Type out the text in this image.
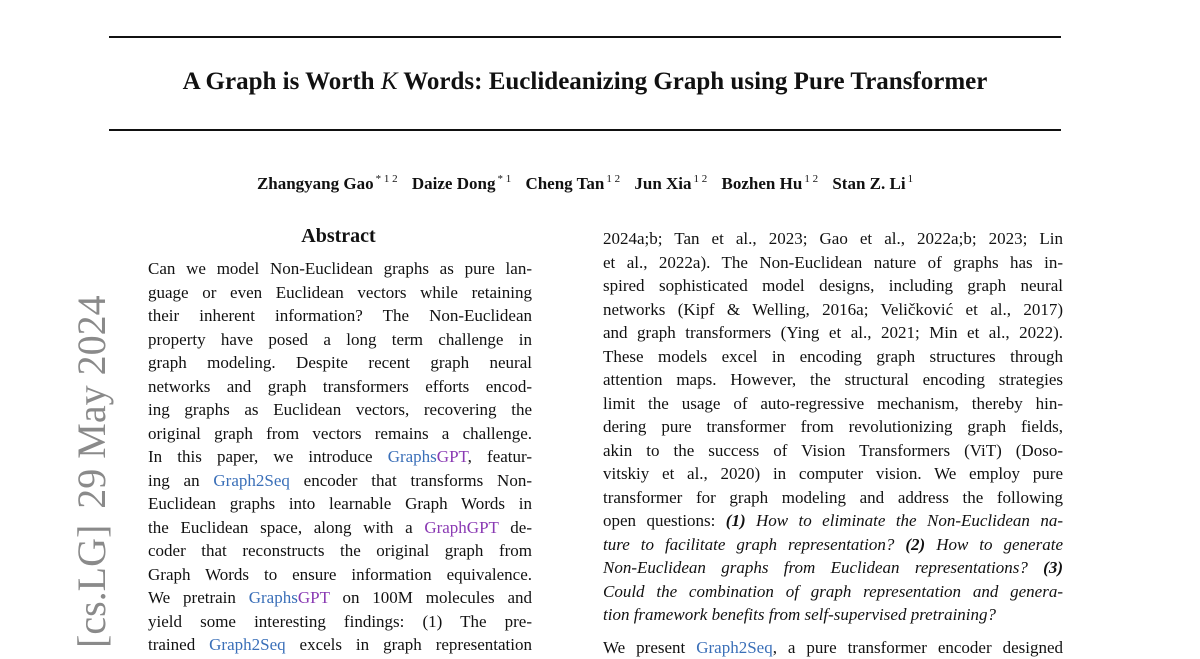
A Graph is Worth K Words: Euclideanizing Graph using Pure Transformer
Zhangyang Gao $^{* 1 2}$ Daize Dong $^{* 1}$ Cheng Tan $^{1 2}$ Jun Xia $^{1 2}$ Bozhen Hu $^{1 2}$ Stan Z. Li $^1$
[cs.LG]29 May 2024
Abstract
Can we model Non-Euclidean graphs as pure lan-
guage or even Euclidean vectors while retaining
their inherent information? The Non-Euclidean
property have posed a long term challenge in
graph modeling. Despite recent graph neural
networks and graph transformers efforts encod-
ing graphs as Euclidean vectors, recovering the
original graph from vectors remains a challenge.
In this paper, we introduce GraphsGPT, featur-
ing an Graph2Seq encoder that transforms Non-
Euclidean graphs into learnable Graph Words in
the Euclidean space, along with a GraphGPT de-
coder that reconstructs the original graph from
Graph Words to ensure information equivalence.
We pretrain GraphsGPT on 100M molecules and
yield some interesting findings: (1) The pre-
trained Graph2Seq excels in graph representation
2024a;b; Tan et al., 2023; Gao et al., 2022a;b; 2023; Lin
et al., 2022a). The Non-Euclidean nature of graphs has in-
spired sophisticated model designs, including graph neural
networks (Kipf & Welling, 2016a; Veličković et al., 2017)
and graph transformers (Ying et al., 2021; Min et al., 2022).
These models excel in encoding graph structures through
attention maps. However, the structural encoding strategies
limit the usage of auto-regressive mechanism, thereby hin-
dering pure transformer from revolutionizing graph fields,
akin to the success of Vision Transformers (ViT) (Doso-
vitskiy et al., 2020) in computer vision. We employ pure
transformer for graph modeling and address the following
open questions: (1) How to eliminate the Non-Euclidean na-
ture to facilitate graph representation? (2) How to generate
Non-Euclidean graphs from Euclidean representations? (3)
Could the combination of graph representation and genera-
tion framework benefits from self-supervised pretraining?
We present Graph2Seq, a pure transformer encoder designed
